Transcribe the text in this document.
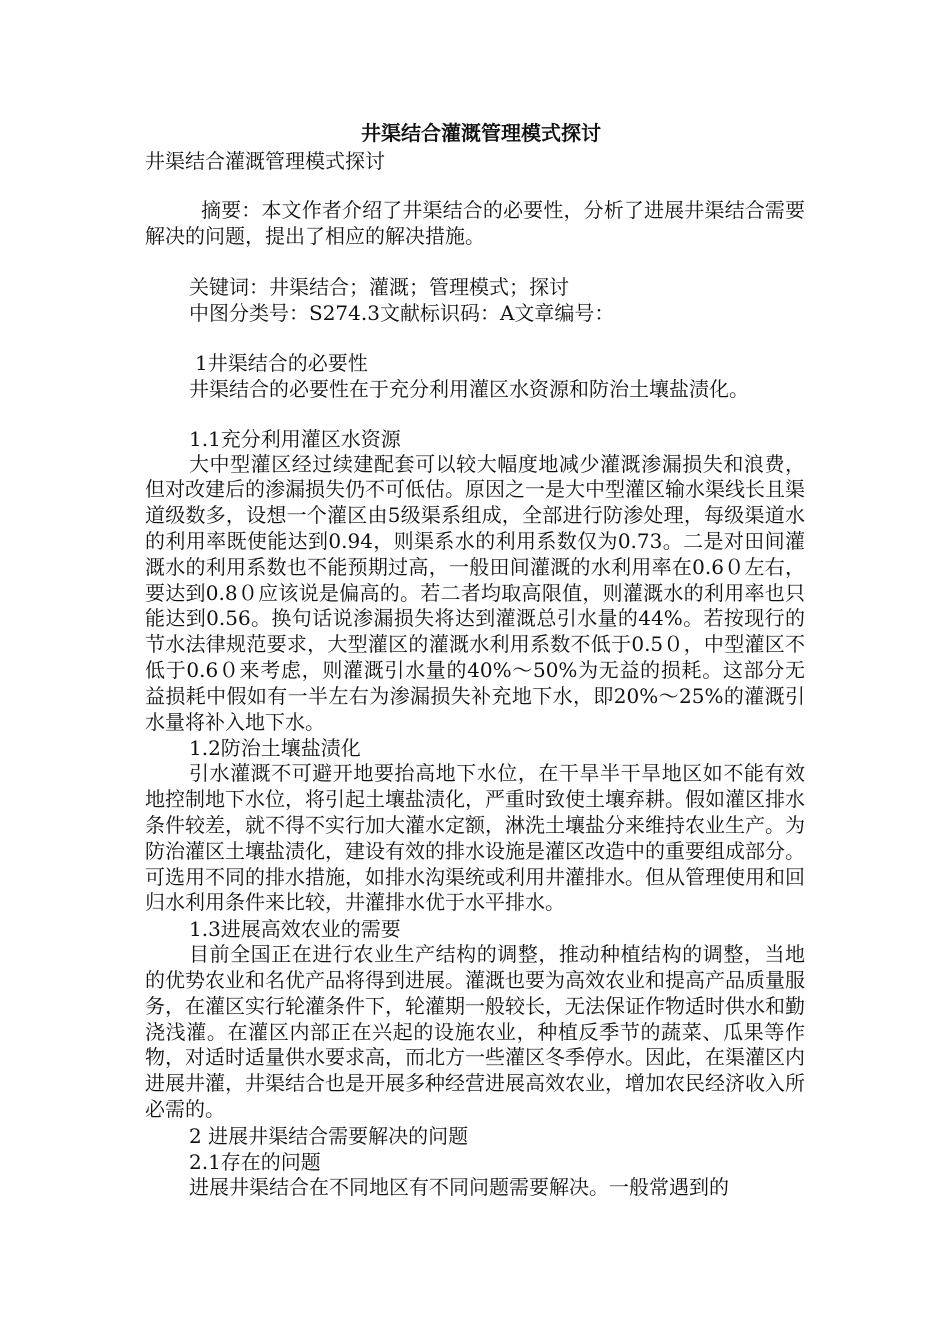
井渠结合灌溉管理模式探讨

井渠结合灌溉管理模式探讨

摘要：本文作者介绍了井渠结合的必要性，分析了进展井渠结合需要解决的问题，提出了相应的解决措施。

关键词：井渠结合；灌溉；管理模式；探讨

中图分类号：S274.3文献标识码：A文章编号：

1井渠结合的必要性

井渠结合的必要性在于充分利用灌区水资源和防治土壤盐渍化。

1.1充分利用灌区水资源

大中型灌区经过续建配套可以较大幅度地减少灌溉渗漏损失和浪费，但对改建后的渗漏损失仍不可低估。原因之一是大中型灌区输水渠线长且渠道级数多，设想一个灌区由5级渠系组成，全部进行防渗处理，每级渠道水的利用率既使能达到0.94，则渠系水的利用系数仅为0.73。二是对田间灌溉水的利用系数也不能预期过高，一般田间灌溉的水利用率在0.6０左右，要达到0.8０应该说是偏高的。若二者均取高限值，则灌溉水的利用率也只能达到0.56。换句话说渗漏损失将达到灌溉总引水量的44%。若按现行的节水法律规范要求，大型灌区的灌溉水利用系数不低于0.5０，中型灌区不低于0.6０来考虑，则灌溉引水量的40%～50%为无益的损耗。这部分无益损耗中假如有一半左右为渗漏损失补充地下水，即20%～25%的灌溉引水量将补入地下水。

1.2防治土壤盐渍化

引水灌溉不可避开地要抬高地下水位，在干旱半干旱地区如不能有效地控制地下水位，将引起土壤盐渍化，严重时致使土壤弃耕。假如灌区排水条件较差，就不得不实行加大灌水定额，淋洗土壤盐分来维持农业生产。为防治灌区土壤盐渍化，建设有效的排水设施是灌区改造中的重要组成部分。可选用不同的排水措施，如排水沟渠统或利用井灌排水。但从管理使用和回归水利用条件来比较，井灌排水优于水平排水。

1.3进展高效农业的需要

目前全国正在进行农业生产结构的调整，推动种植结构的调整，当地的优势农业和名优产品将得到进展。灌溉也要为高效农业和提高产品质量服务，在灌区实行轮灌条件下，轮灌期一般较长，无法保证作物适时供水和勤浇浅灌。在灌区内部正在兴起的设施农业，种植反季节的蔬菜、瓜果等作物，对适时适量供水要求高，而北方一些灌区冬季停水。因此，在渠灌区内进展井灌，井渠结合也是开展多种经营进展高效农业，增加农民经济收入所必需的。

2 进展井渠结合需要解决的问题

2.1存在的问题

进展井渠结合在不同地区有不同问题需要解决。一般常遇到的
